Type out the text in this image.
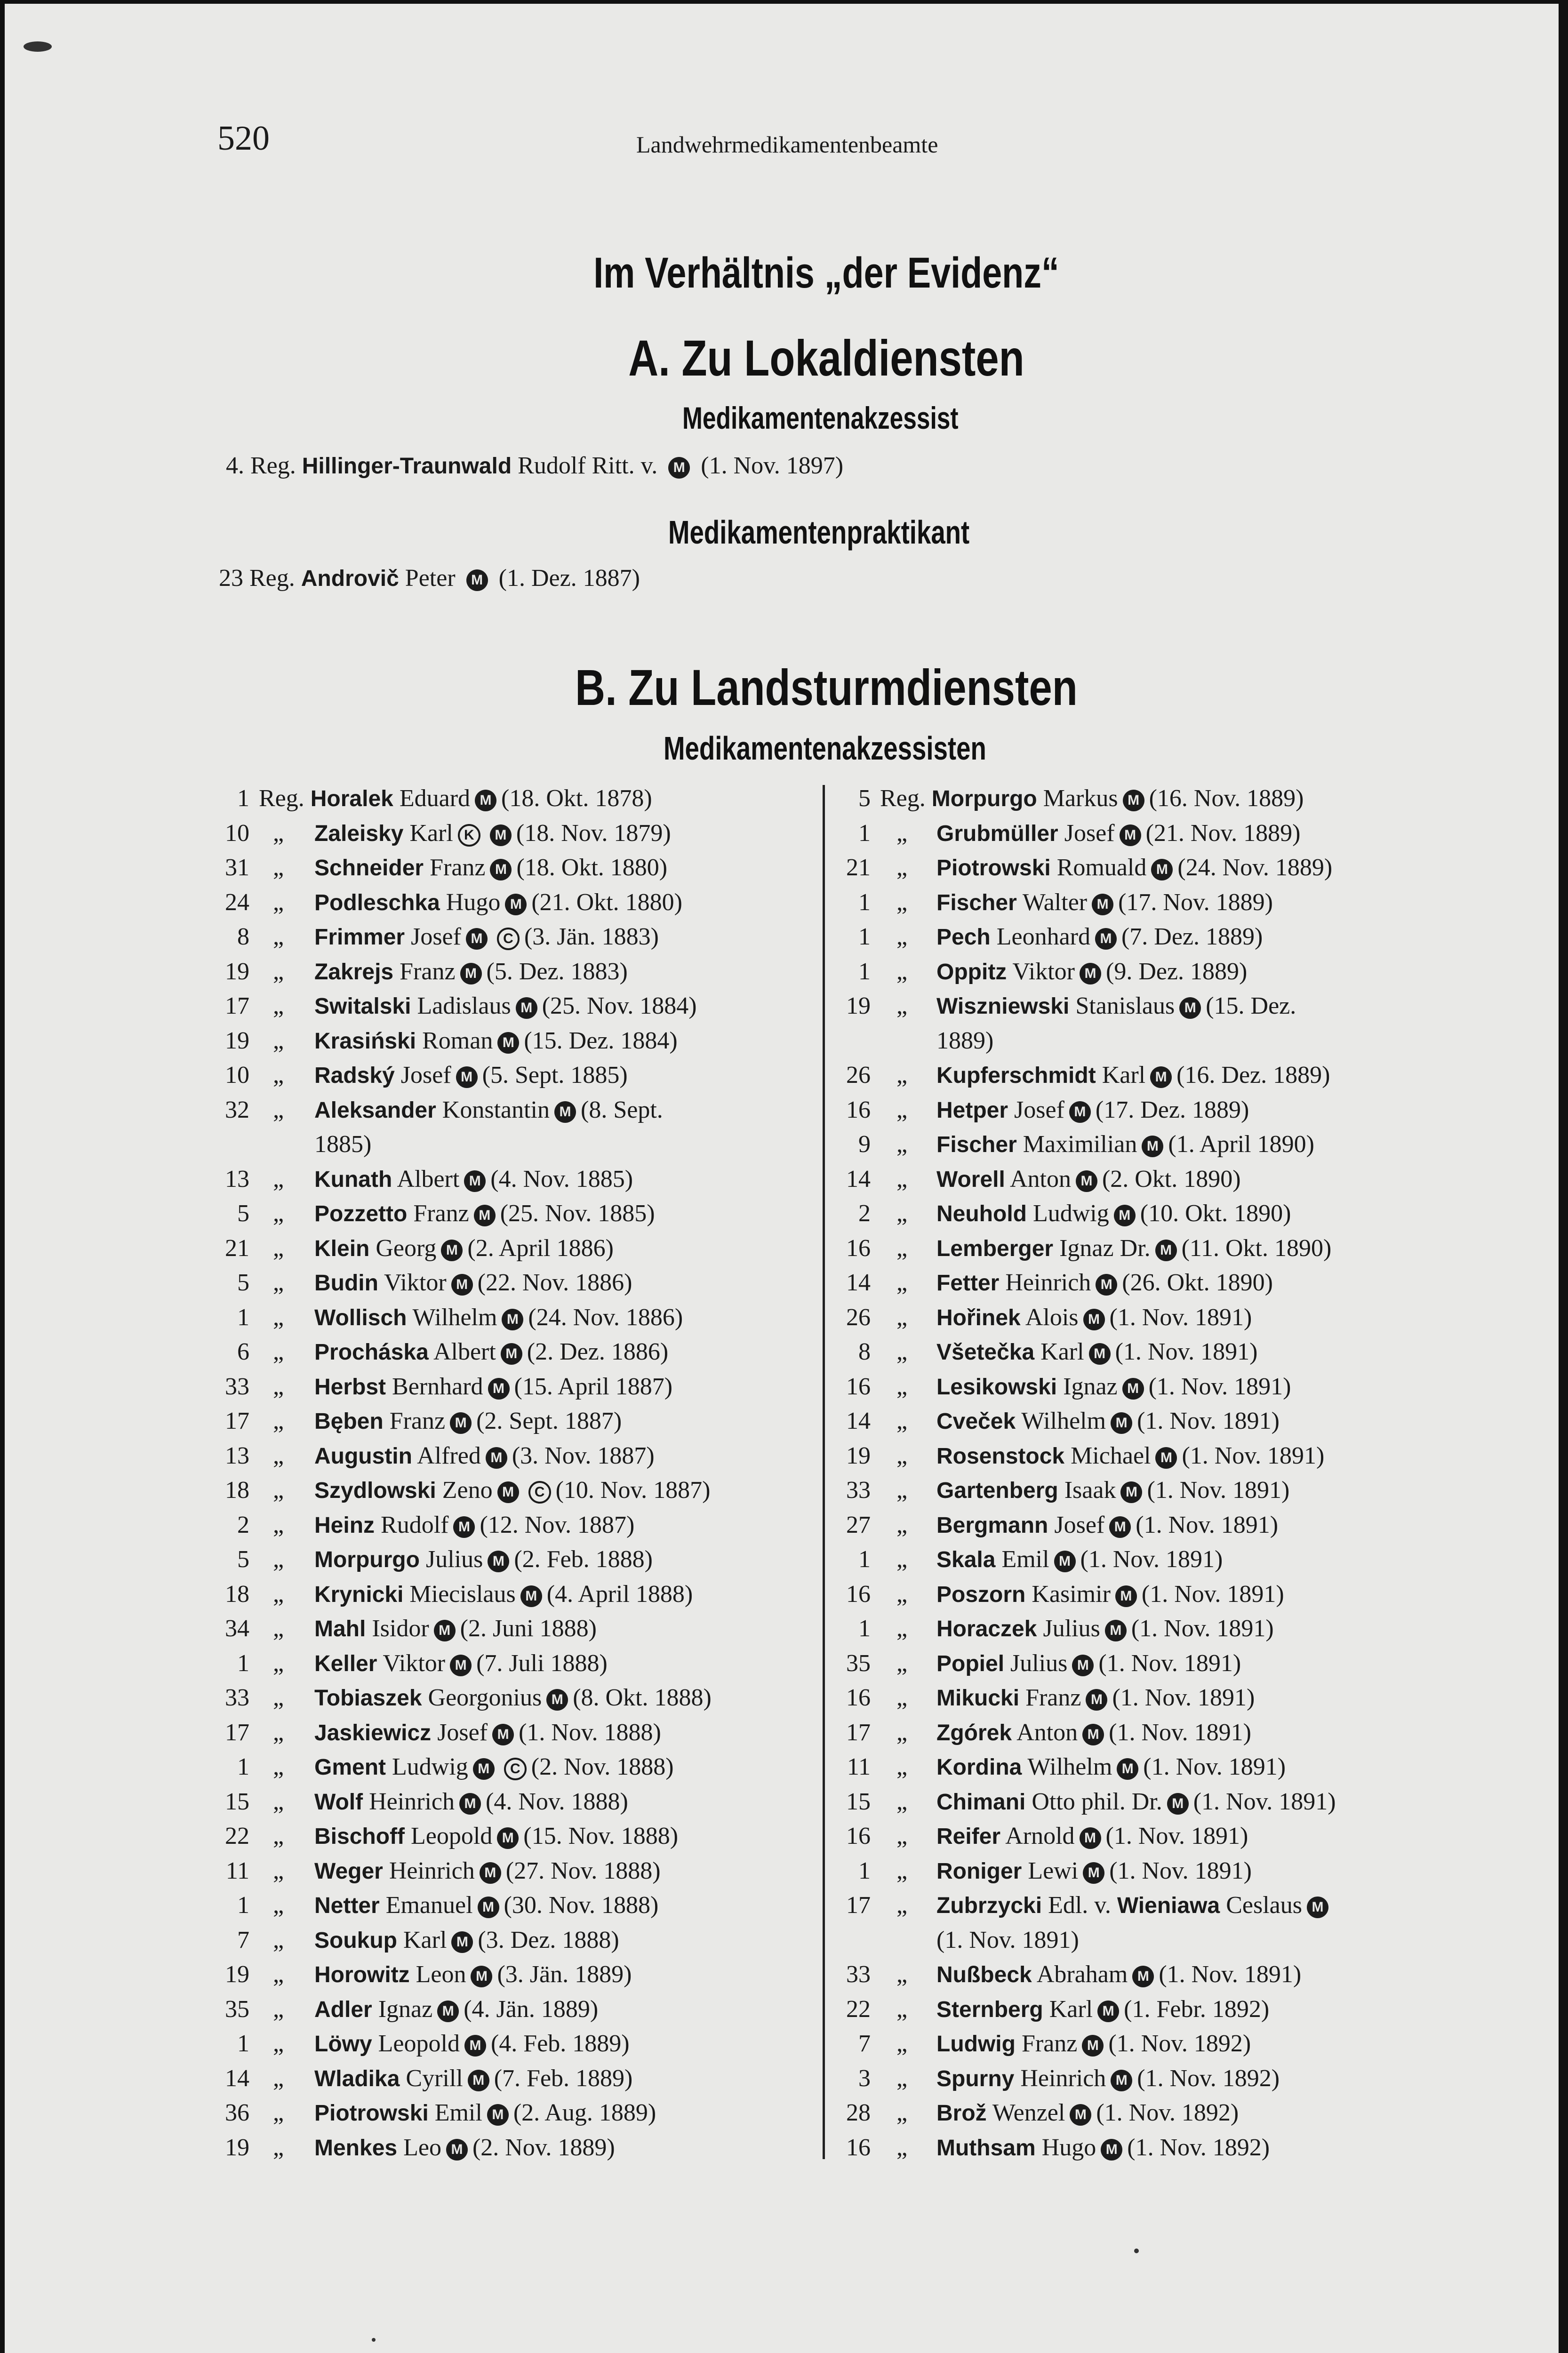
520	Landwehrmedikamentenbeamte
Im Verhältnis „der Evidenz“
A. Zu Lokaldiensten
Medikamentenakzessist
4. Reg. Hillinger-Traunwald Rudolf Ritt. v. M (1. Nov. 1897)
Medikamentenpraktikant
23 Reg. Androvič Peter M (1. Dez. 1887)
B. Zu Landsturmdiensten
Medikamentenakzessisten
1 Reg. Horalek Eduard M (18. Okt. 1878)
10 „ Zaleisky Karl K M (18. Nov. 1879)
31 „ Schneider Franz M (18. Okt. 1880)
24 „ Podleschka Hugo M (21. Okt. 1880)
8 „ Frimmer Josef M C (3. Jän. 1883)
19 „ Zakrejs Franz M (5. Dez. 1883)
17 „ Switalski Ladislaus M (25. Nov. 1884)
19 „ Krasiński Roman M (15. Dez. 1884)
10 „ Radský Josef M (5. Sept. 1885)
32 „ Aleksander Konstantin M (8. Sept.
1885)
13 „ Kunath Albert M (4. Nov. 1885)
5 „ Pozzetto Franz M (25. Nov. 1885)
21 „ Klein Georg M (2. April 1886)
5 „ Budin Viktor M (22. Nov. 1886)
1 „ Wollisch Wilhelm M (24. Nov. 1886)
6 „ Procháska Albert M (2. Dez. 1886)
33 „ Herbst Bernhard M (15. April 1887)
17 „ Bęben Franz M (2. Sept. 1887)
13 „ Augustin Alfred M (3. Nov. 1887)
18 „ Szydlowski Zeno M C (10. Nov. 1887)
2 „ Heinz Rudolf M (12. Nov. 1887)
5 „ Morpurgo Julius M (2. Feb. 1888)
18 „ Krynicki Miecislaus M (4. April 1888)
34 „ Mahl Isidor M (2. Juni 1888)
1 „ Keller Viktor M (7. Juli 1888)
33 „ Tobiaszek Georgonius M (8. Okt. 1888)
17 „ Jaskiewicz Josef M (1. Nov. 1888)
1 „ Gment Ludwig M C (2. Nov. 1888)
15 „ Wolf Heinrich M (4. Nov. 1888)
22 „ Bischoff Leopold M (15. Nov. 1888)
11 „ Weger Heinrich M (27. Nov. 1888)
1 „ Netter Emanuel M (30. Nov. 1888)
7 „ Soukup Karl M (3. Dez. 1888)
19 „ Horowitz Leon M (3. Jän. 1889)
35 „ Adler Ignaz M (4. Jän. 1889)
1 „ Löwy Leopold M (4. Feb. 1889)
14 „ Wladika Cyrill M (7. Feb. 1889)
36 „ Piotrowski Emil M (2. Aug. 1889)
19 „ Menkes Leo M (2. Nov. 1889)
5 Reg. Morpurgo Markus M (16. Nov. 1889)
1 „ Grubmüller Josef M (21. Nov. 1889)
21 „ Piotrowski Romuald M (24. Nov. 1889)
1 „ Fischer Walter M (17. Nov. 1889)
1 „ Pech Leonhard M (7. Dez. 1889)
1 „ Oppitz Viktor M (9. Dez. 1889)
19 „ Wiszniewski Stanislaus M (15. Dez.
1889)
26 „ Kupferschmidt Karl M (16. Dez. 1889)
16 „ Hetper Josef M (17. Dez. 1889)
9 „ Fischer Maximilian M (1. April 1890)
14 „ Worell Anton M (2. Okt. 1890)
2 „ Neuhold Ludwig M (10. Okt. 1890)
16 „ Lemberger Ignaz Dr. M (11. Okt. 1890)
14 „ Fetter Heinrich M (26. Okt. 1890)
26 „ Hořinek Alois M (1. Nov. 1891)
8 „ Všetečka Karl M (1. Nov. 1891)
16 „ Lesikowski Ignaz M (1. Nov. 1891)
14 „ Cveček Wilhelm M (1. Nov. 1891)
19 „ Rosenstock Michael M (1. Nov. 1891)
33 „ Gartenberg Isaak M (1. Nov. 1891)
27 „ Bergmann Josef M (1. Nov. 1891)
1 „ Skala Emil M (1. Nov. 1891)
16 „ Poszorn Kasimir M (1. Nov. 1891)
1 „ Horaczek Julius M (1. Nov. 1891)
35 „ Popiel Julius M (1. Nov. 1891)
16 „ Mikucki Franz M (1. Nov. 1891)
17 „ Zgórek Anton M (1. Nov. 1891)
11 „ Kordina Wilhelm M (1. Nov. 1891)
15 „ Chimani Otto phil. Dr. M (1. Nov. 1891)
16 „ Reifer Arnold M (1. Nov. 1891)
1 „ Roniger Lewi M (1. Nov. 1891)
17 „ Zubrzycki Edl. v. Wieniawa Ceslaus M
(1. Nov. 1891)
33 „ Nußbeck Abraham M (1. Nov. 1891)
22 „ Sternberg Karl M (1. Febr. 1892)
7 „ Ludwig Franz M (1. Nov. 1892)
3 „ Spurny Heinrich M (1. Nov. 1892)
28 „ Brož Wenzel M (1. Nov. 1892)
16 „ Muthsam Hugo M (1. Nov. 1892)
